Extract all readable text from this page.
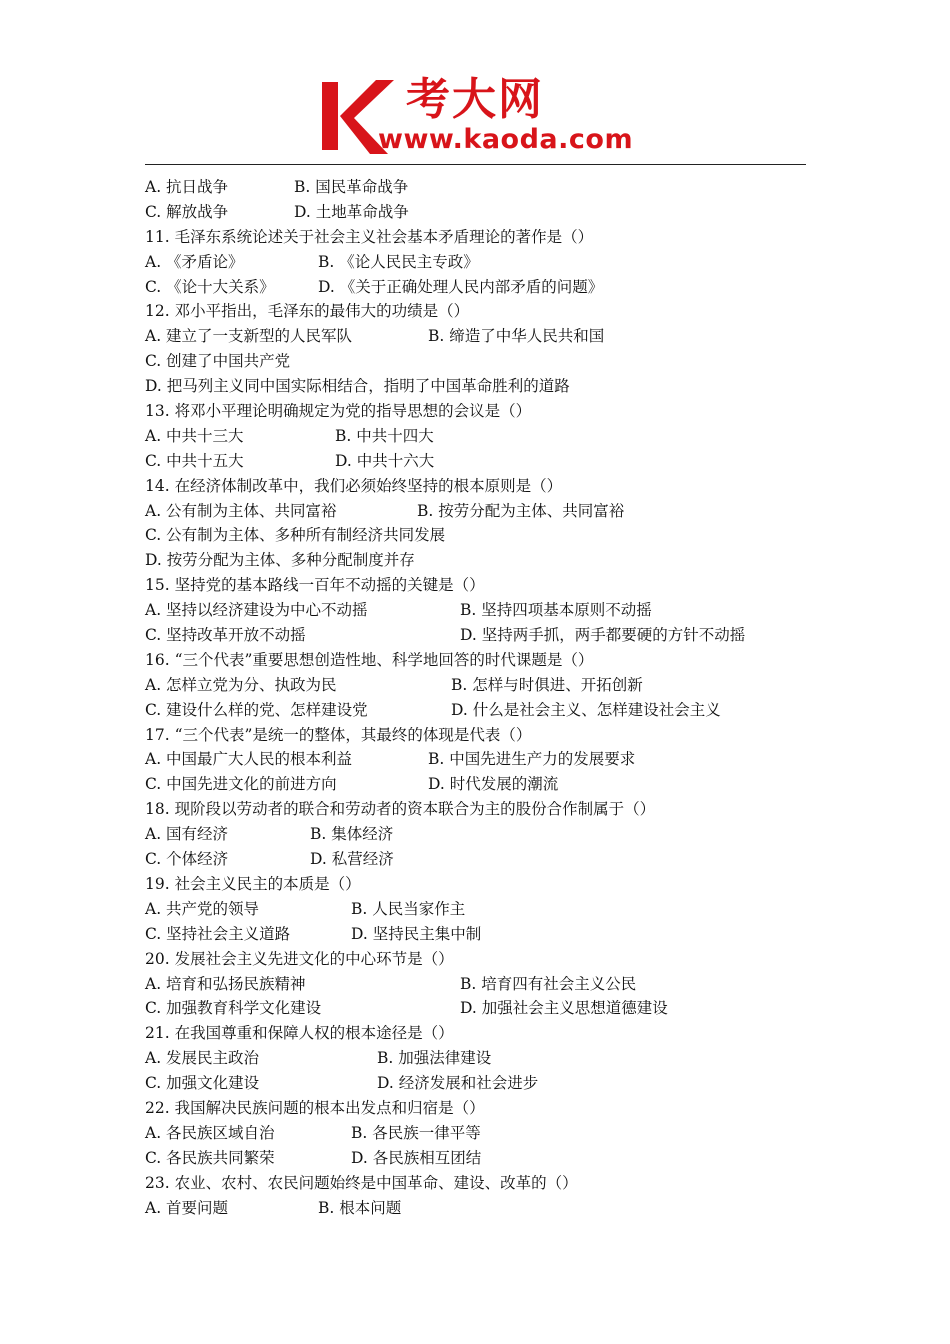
考大网
www.kaoda.com
A. 抗日战争	B. 国民革命战争
C. 解放战争	D. 土地革命战争
11. 毛泽东系统论述关于社会主义社会基本矛盾理论的著作是（）
A. 《矛盾论》	B. 《论人民民主专政》
C. 《论十大关系》	D. 《关于正确处理人民内部矛盾的问题》
12. 邓小平指出，毛泽东的最伟大的功绩是（）
A. 建立了一支新型的人民军队	B. 缔造了中华人民共和国
C. 创建了中国共产党
D. 把马列主义同中国实际相结合，指明了中国革命胜利的道路
13. 将邓小平理论明确规定为党的指导思想的会议是（）
A. 中共十三大	B. 中共十四大
C. 中共十五大	D. 中共十六大
14. 在经济体制改革中，我们必须始终坚持的根本原则是（）
A. 公有制为主体、共同富裕	B. 按劳分配为主体、共同富裕
C. 公有制为主体、多种所有制经济共同发展
D. 按劳分配为主体、多种分配制度并存
15. 坚持党的基本路线一百年不动摇的关键是（）
A. 坚持以经济建设为中心不动摇	B. 坚持四项基本原则不动摇
C. 坚持改革开放不动摇	D. 坚持两手抓，两手都要硬的方针不动摇
16. “三个代表”重要思想创造性地、科学地回答的时代课题是（）
A. 怎样立党为分、执政为民	B. 怎样与时俱进、开拓创新
C. 建设什么样的党、怎样建设党	D. 什么是社会主义、怎样建设社会主义
17. “三个代表”是统一的整体，其最终的体现是代表（）
A. 中国最广大人民的根本利益	B. 中国先进生产力的发展要求
C. 中国先进文化的前进方向	D. 时代发展的潮流
18. 现阶段以劳动者的联合和劳动者的资本联合为主的股份合作制属于（）
A. 国有经济	B. 集体经济
C. 个体经济	D. 私营经济
19. 社会主义民主的本质是（）
A. 共产党的领导	B. 人民当家作主
C. 坚持社会主义道路	D. 坚持民主集中制
20. 发展社会主义先进文化的中心环节是（）
A. 培育和弘扬民族精神	B. 培育四有社会主义公民
C. 加强教育科学文化建设	D. 加强社会主义思想道德建设
21. 在我国尊重和保障人权的根本途径是（）
A. 发展民主政治	B. 加强法律建设
C. 加强文化建设	D. 经济发展和社会进步
22. 我国解决民族问题的根本出发点和归宿是（）
A. 各民族区域自治	B. 各民族一律平等
C. 各民族共同繁荣	D. 各民族相互团结
23. 农业、农村、农民问题始终是中国革命、建设、改革的（）
A. 首要问题	B. 根本问题
